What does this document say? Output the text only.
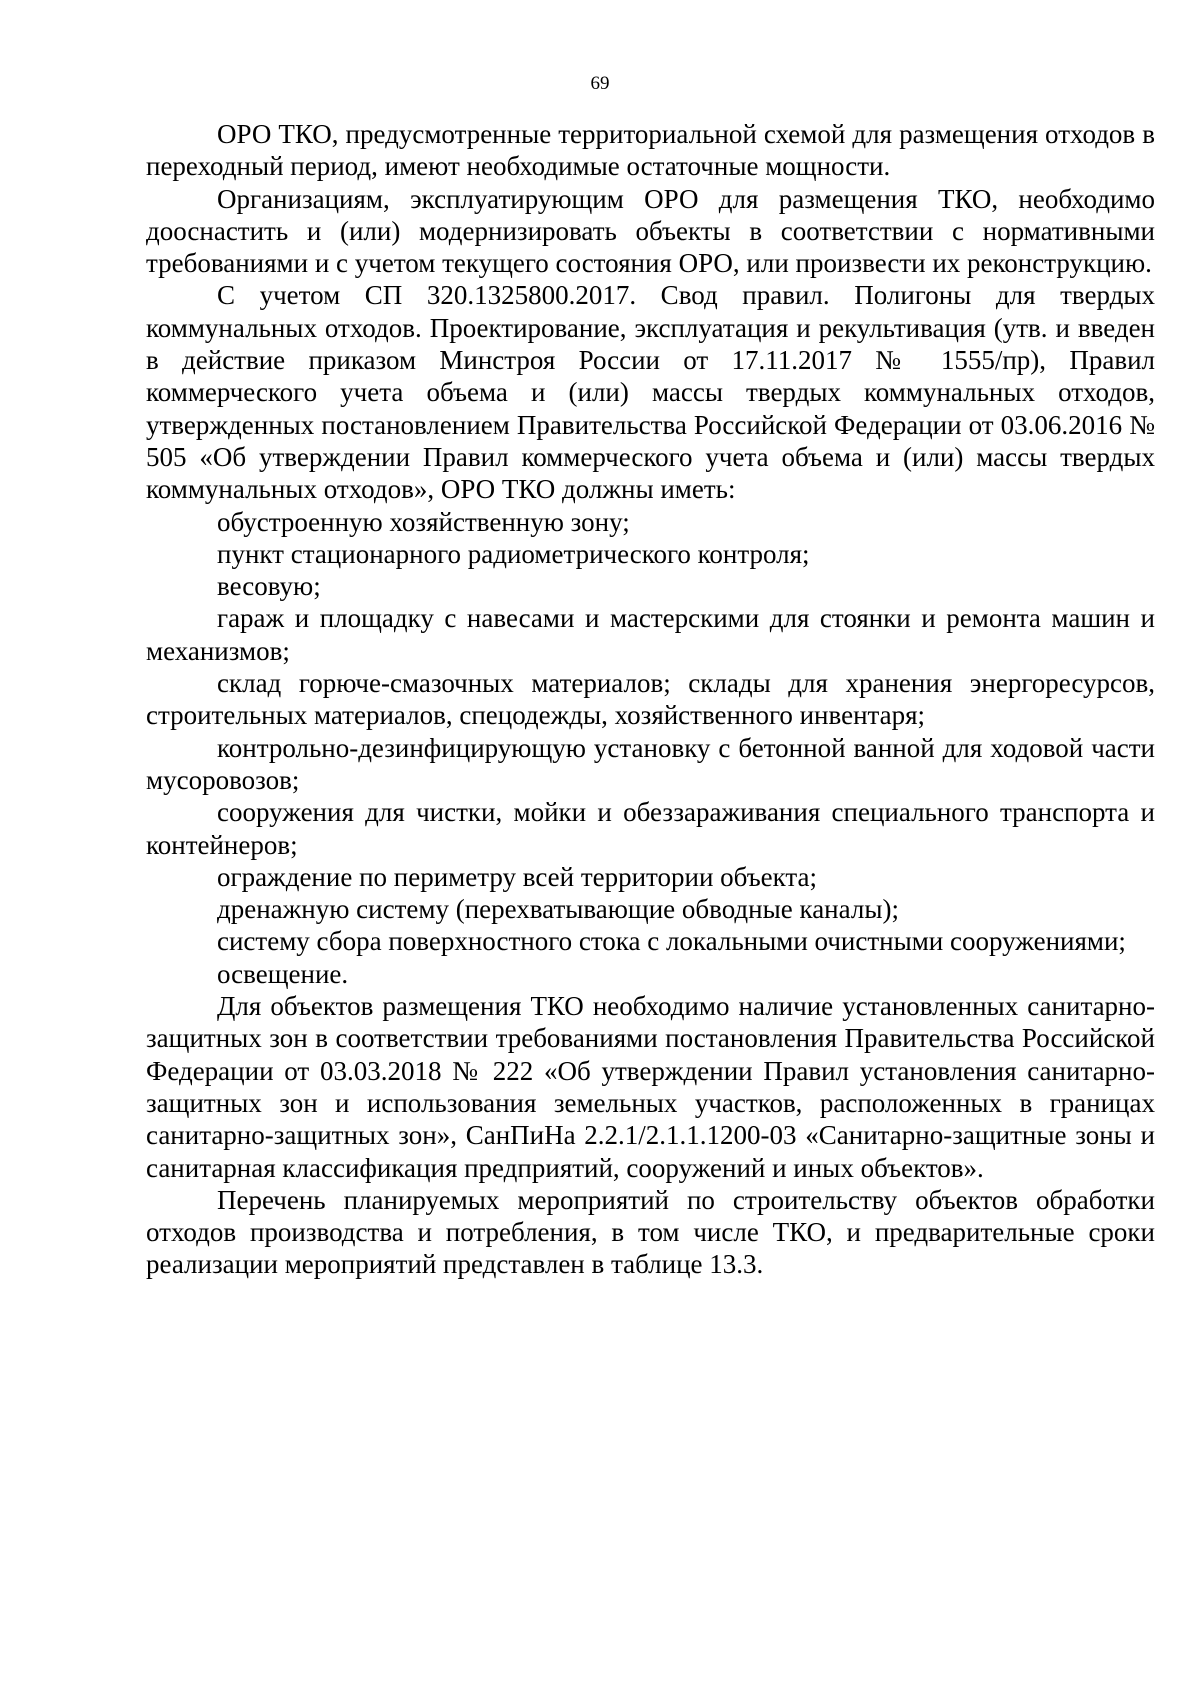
69

ОРО ТКО, предусмотренные территориальной схемой для размещения отходов в переходный период, имеют необходимые остаточные мощности.

Организациям, эксплуатирующим ОРО для размещения ТКО, необходимо дооснастить и (или) модернизировать объекты в соответствии с нормативными требованиями и с учетом текущего состояния ОРО, или произвести их реконструкцию.

С учетом СП 320.1325800.2017. Свод правил. Полигоны для твердых коммунальных отходов. Проектирование, эксплуатация и рекультивация (утв. и введен в действие приказом Минстроя России от 17.11.2017 № 1555/пр), Правил коммерческого учета объема и (или) массы твердых коммунальных отходов, утвержденных постановлением Правительства Российской Федерации от 03.06.2016 № 505 «Об утверждении Правил коммерческого учета объема и (или) массы твердых коммунальных отходов», ОРО ТКО должны иметь:

обустроенную хозяйственную зону;

пункт стационарного радиометрического контроля;

весовую;

гараж и площадку с навесами и мастерскими для стоянки и ремонта машин и механизмов;

склад горюче-смазочных материалов; склады для хранения энергоресурсов, строительных материалов, спецодежды, хозяйственного инвентаря;

контрольно-дезинфицирующую установку с бетонной ванной для ходовой части мусоровозов;

сооружения для чистки, мойки и обеззараживания специального транспорта и контейнеров;

ограждение по периметру всей территории объекта;

дренажную систему (перехватывающие обводные каналы);

систему сбора поверхностного стока с локальными очистными сооружениями;

освещение.

Для объектов размещения ТКО необходимо наличие установленных санитарно-защитных зон в соответствии требованиями постановления Правительства Российской Федерации от 03.03.2018 № 222 «Об утверждении Правил установления санитарно-защитных зон и использования земельных участков, расположенных в границах санитарно-защитных зон», СанПиНа 2.2.1/2.1.1.1200-03 «Санитарно-защитные зоны и санитарная классификация предприятий, сооружений и иных объектов».

Перечень планируемых мероприятий по строительству объектов обработки отходов производства и потребления, в том числе ТКО, и предварительные сроки реализации мероприятий представлен в таблице 13.3.
